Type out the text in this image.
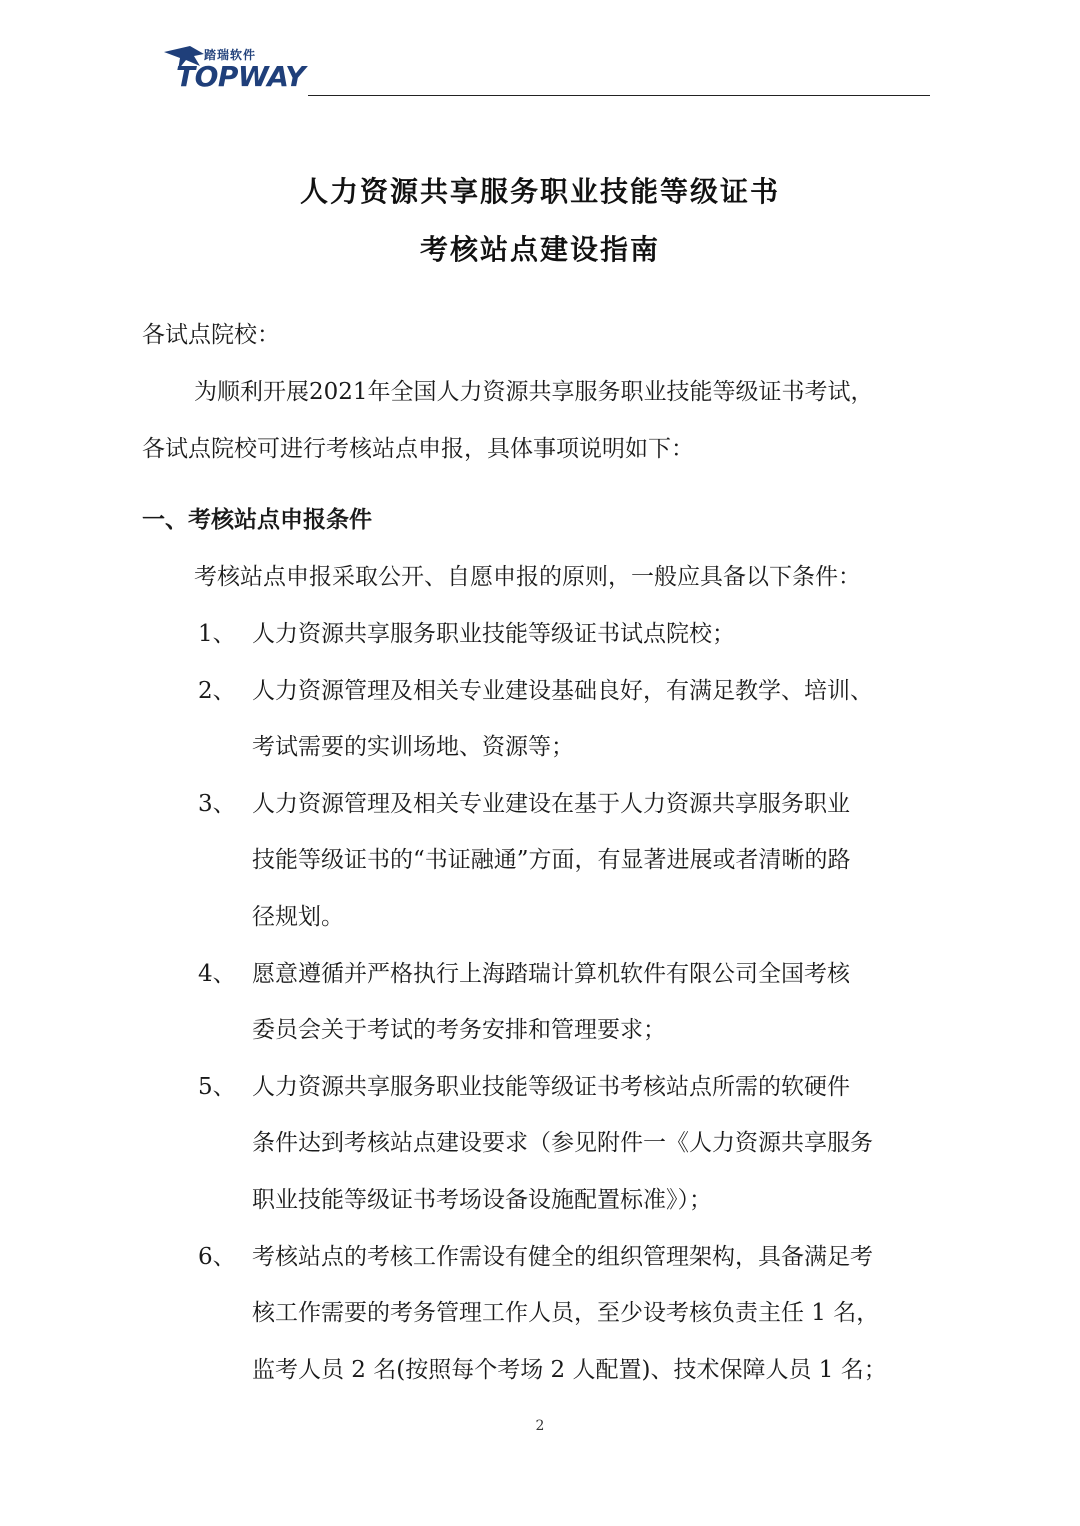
踏瑞软件
TOPWAY
人力资源共享服务职业技能等级证书
考核站点建设指南
各试点院校：
为顺利开展2021年全国人力资源共享服务职业技能等级证书考试，
各试点院校可进行考核站点申报，具体事项说明如下：
一、考核站点申报条件
考核站点申报采取公开、自愿申报的原则，一般应具备以下条件：
1、 人力资源共享服务职业技能等级证书试点院校；
2、 人力资源管理及相关专业建设基础良好，有满足教学、培训、
考试需要的实训场地、资源等；
3、 人力资源管理及相关专业建设在基于人力资源共享服务职业
技能等级证书的“书证融通”方面，有显著进展或者清晰的路
径规划。
4、 愿意遵循并严格执行上海踏瑞计算机软件有限公司全国考核
委员会关于考试的考务安排和管理要求；
5、 人力资源共享服务职业技能等级证书考核站点所需的软硬件
条件达到考核站点建设要求（参见附件一《人力资源共享服务
职业技能等级证书考场设备设施配置标准》）；
6、 考核站点的考核工作需设有健全的组织管理架构，具备满足考
核工作需要的考务管理工作人员，至少设考核负责主任 1 名，
监考人员 2 名(按照每个考场 2 人配置)、技术保障人员 1 名；
2
